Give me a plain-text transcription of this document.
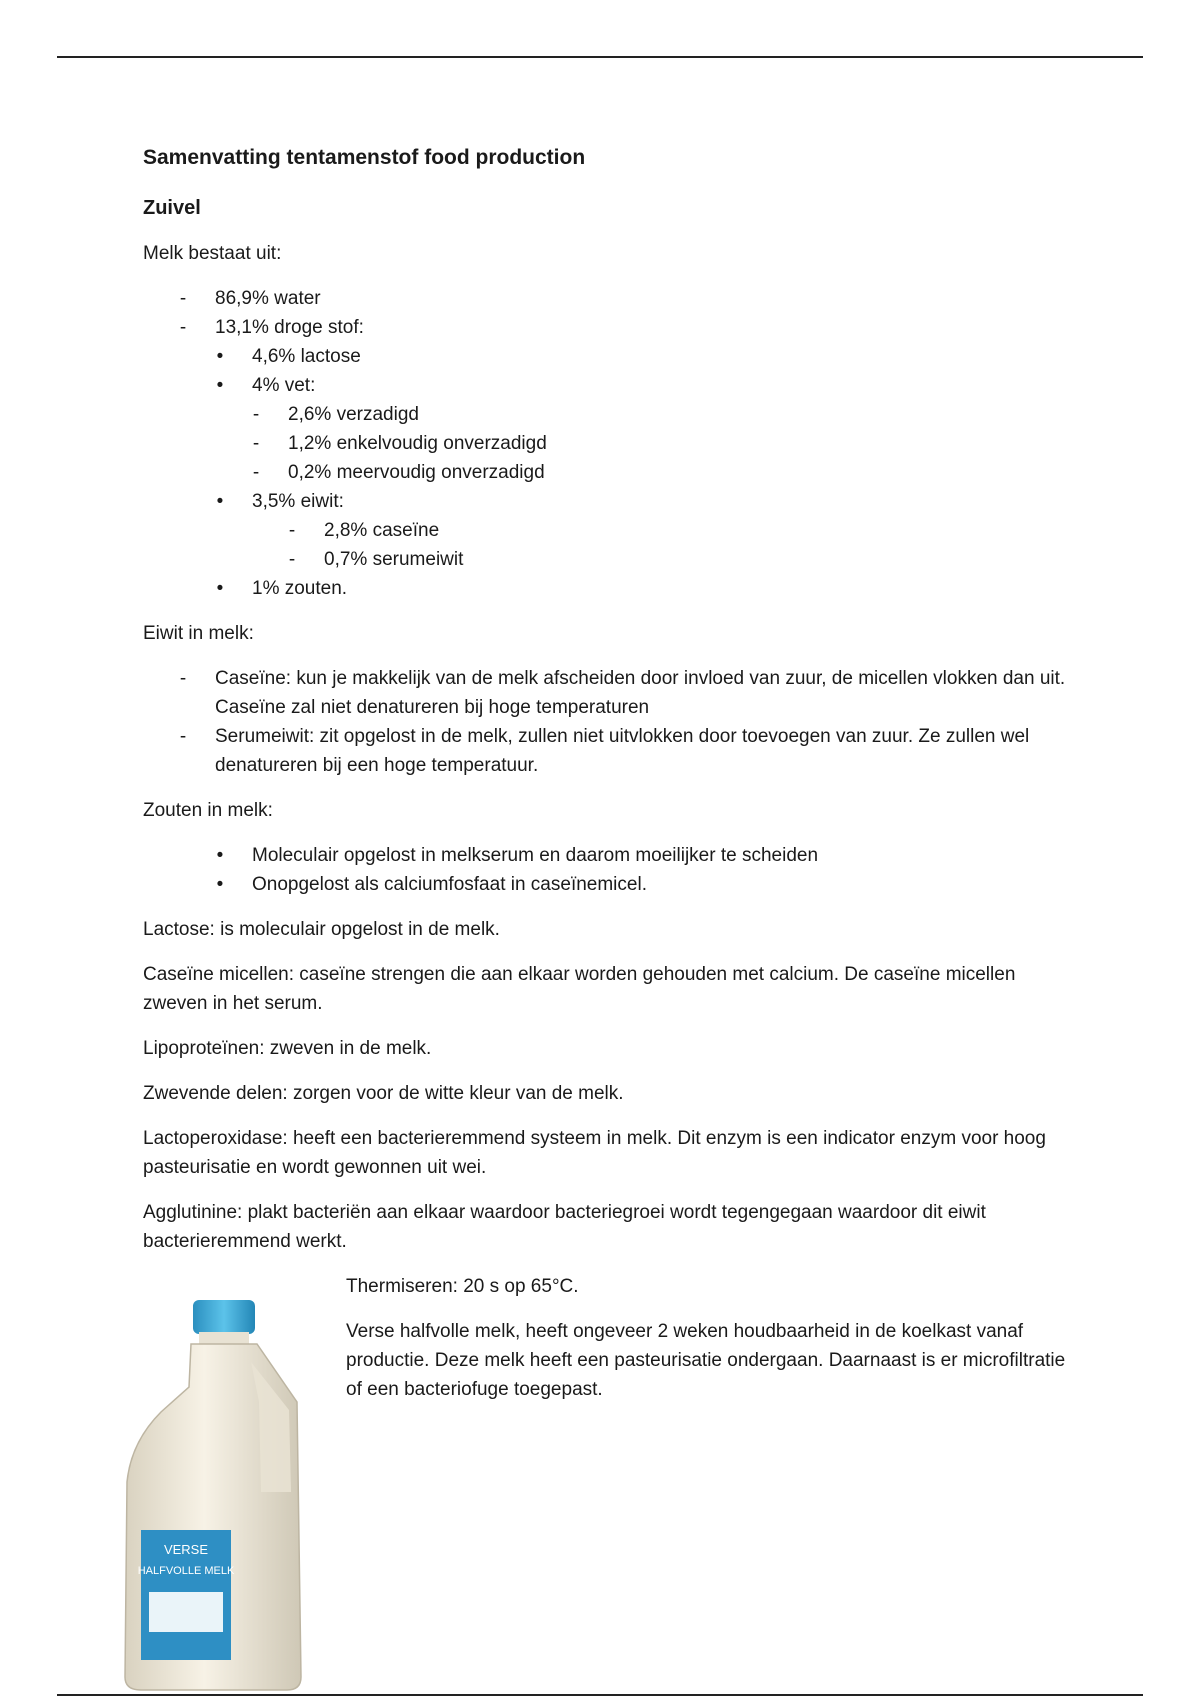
Samenvatting tentamenstof food production
Zuivel

Melk bestaat uit:

-	86,9% water
-	13,1% droge stof:
•	4,6% lactose
•	4% vet:
-	2,6% verzadigd
-	1,2% enkelvoudig onverzadigd
-	0,2% meervoudig onverzadigd
•	3,5% eiwit:
-	2,8% caseïne
-	0,7% serumeiwit
•	1% zouten.

Eiwit in melk:

-	Caseïne: kun je makkelijk van de melk afscheiden door invloed van zuur, de micellen vlokken dan uit. Caseïne zal niet denatureren bij hoge temperaturen
-	Serumeiwit: zit opgelost in de melk, zullen niet uitvlokken door toevoegen van zuur. Ze zullen wel denatureren bij een hoge temperatuur.

Zouten in melk:

•	Moleculair opgelost in melkserum en daarom moeilijker te scheiden
•	Onopgelost als calciumfosfaat in caseïnemicel.

Lactose: is moleculair opgelost in de melk.

Caseïne micellen: caseïne strengen die aan elkaar worden gehouden met calcium. De caseïne micellen zweven in het serum.

Lipoproteïnen: zweven in de melk.

Zwevende delen: zorgen voor de witte kleur van de melk.

Lactoperoxidase: heeft een bacterieremmend systeem in melk. Dit enzym is een indicator enzym voor hoog pasteurisatie en wordt gewonnen uit wei.

Agglutinine: plakt bacteriën aan elkaar waardoor bacteriegroei wordt tegengegaan waardoor dit eiwit bacterieremmend werkt.

VERSE
HALFVOLLE MELK

Thermiseren: 20 s op 65°C.

Verse halfvolle melk, heeft ongeveer 2 weken houdbaarheid in de koelkast vanaf productie. Deze melk heeft een pasteurisatie ondergaan. Daarnaast is er microfiltratie of een bacteriofuge toegepast.
